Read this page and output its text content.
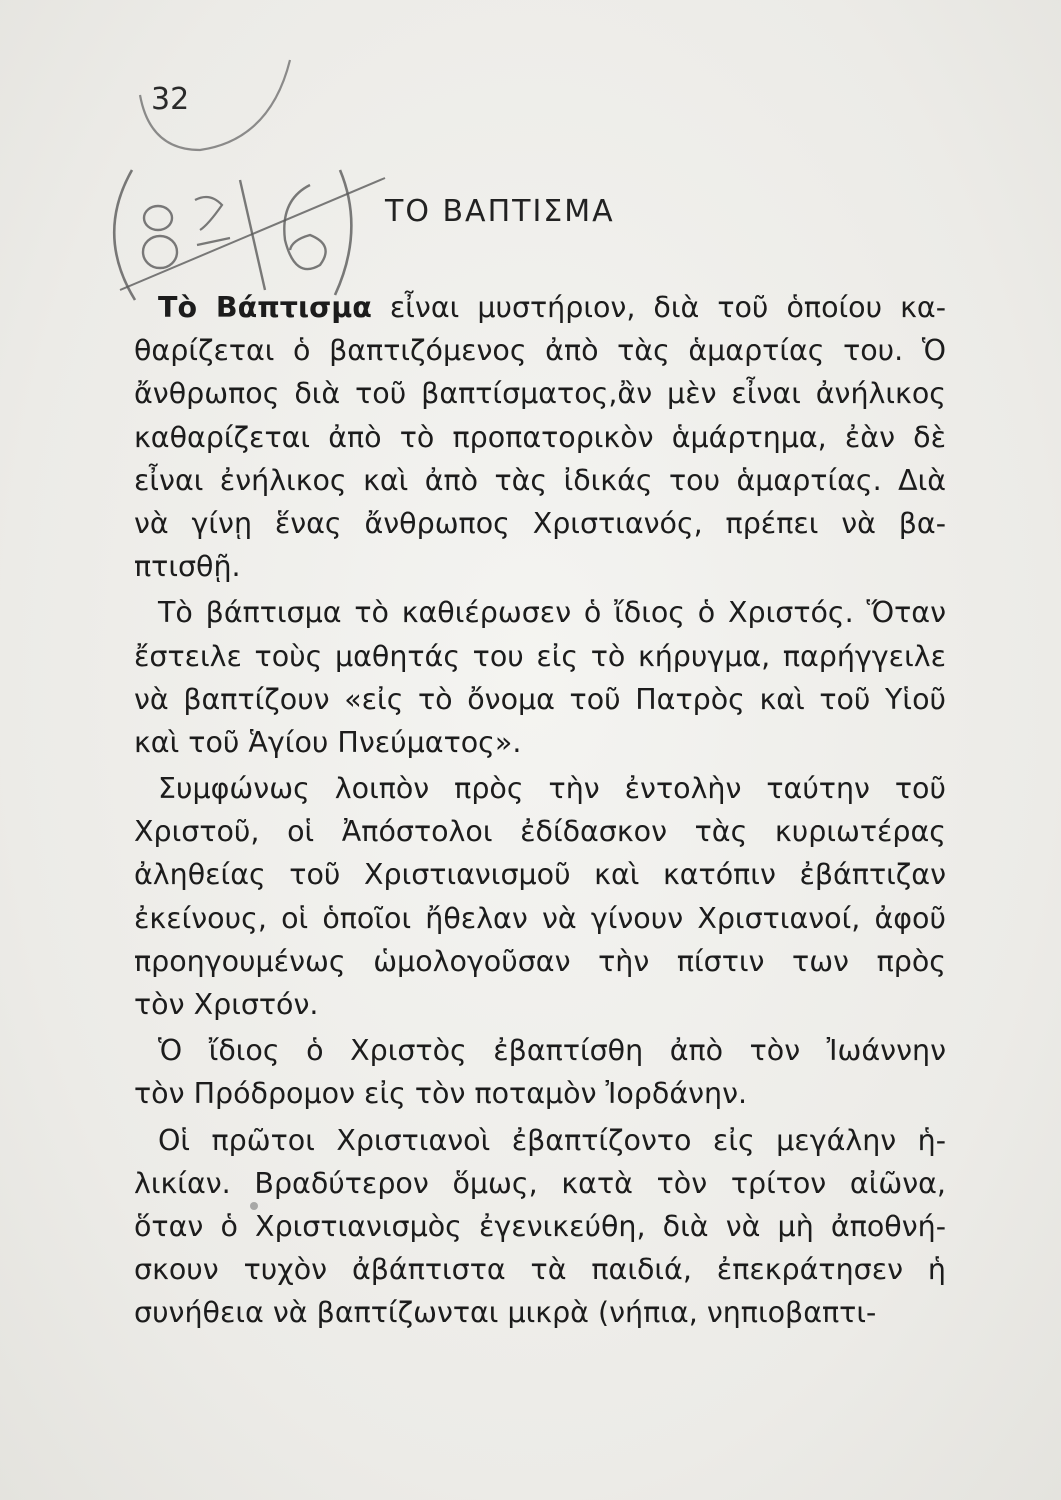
32
ΤΟ ΒΑΠΤΙΣΜΑ
Τὸ Βάπτισμα εἶναι μυστήριον, διὰ τοῦ ὁποίου κα-
θαρίζεται ὁ βαπτιζόμενος ἀπὸ τὰς ἁμαρτίας του. Ὁ
ἄνθρωπος διὰ τοῦ βαπτίσματος,ἂν μὲν εἶναι ἀνήλικος
καθαρίζεται ἀπὸ τὸ προπατορικὸν ἁμάρτημα, ἐὰν δὲ
εἶναι ἐνήλικος καὶ ἀπὸ τὰς ἰδικάς του ἁμαρτίας. Διὰ
νὰ γίνῃ ἕνας ἄνθρωπος Χριστιανός, πρέπει νὰ βα-
πτισθῇ.
Τὸ βάπτισμα τὸ καθιέρωσεν ὁ ἴδιος ὁ Χριστός. Ὅταν
ἔστειλε τοὺς μαθητάς του εἰς τὸ κήρυγμα, παρήγγειλε
νὰ βαπτίζουν «εἰς τὸ ὄνομα τοῦ Πατρὸς καὶ τοῦ Υἱοῦ
καὶ τοῦ Ἁγίου Πνεύματος».
Συμφώνως λοιπὸν πρὸς τὴν ἐντολὴν ταύτην τοῦ
Χριστοῦ, οἱ Ἀπόστολοι ἐδίδασκον τὰς κυριωτέρας
ἀληθείας τοῦ Χριστιανισμοῦ καὶ κατόπιν ἐβάπτιζαν
ἐκείνους, οἱ ὁποῖοι ἤθελαν νὰ γίνουν Χριστιανοί, ἀφοῦ
προηγουμένως ὡμολογοῦσαν τὴν πίστιν των πρὸς
τὸν Χριστόν.
Ὁ ἴδιος ὁ Χριστὸς ἐβαπτίσθη ἀπὸ τὸν Ἰωάννην
τὸν Πρόδρομον εἰς τὸν ποταμὸν Ἰορδάνην.
Οἱ πρῶτοι Χριστιανοὶ ἐβαπτίζοντο εἰς μεγάλην ἡ-
λικίαν. Βραδύτερον ὅμως, κατὰ τὸν τρίτον αἰῶνα,
ὅταν ὁ Χριστιανισμὸς ἐγενικεύθη, διὰ νὰ μὴ ἀποθνή-
σκουν τυχὸν ἀβάπτιστα τὰ παιδιά, ἐπεκράτησεν ἡ
συνήθεια νὰ βαπτίζωνται μικρὰ (νήπια, νηπιοβαπτι-
